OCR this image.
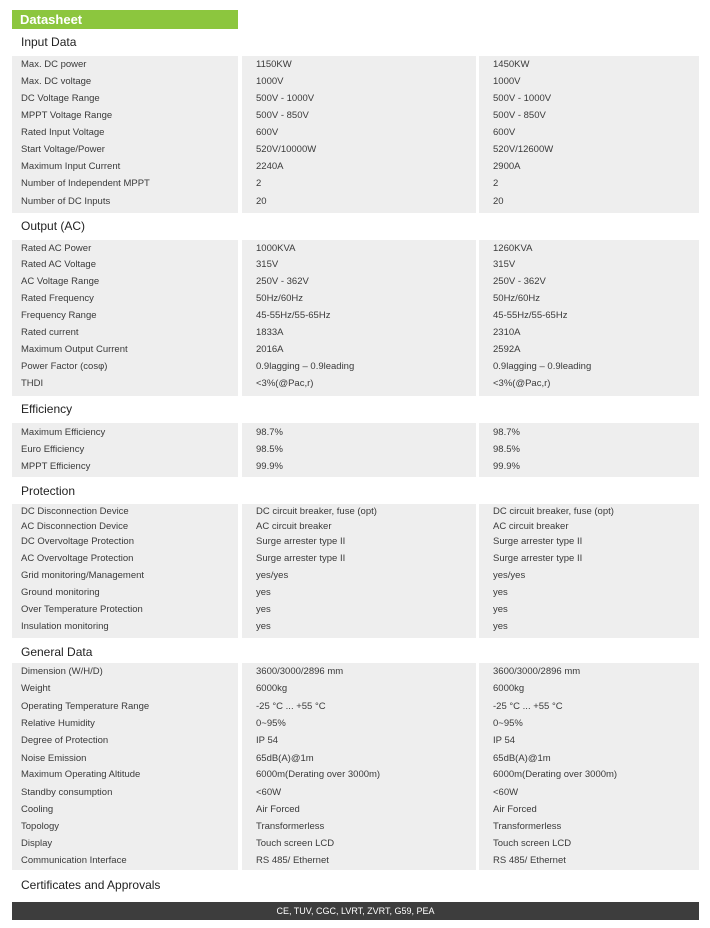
Datasheet
Input Data
Max. DC power	1150KW	1450KW
Max. DC voltage	1000V	1000V
DC Voltage Range	500V - 1000V	500V - 1000V
MPPT Voltage Range	500V - 850V	500V - 850V
Rated Input Voltage	600V	600V
Start Voltage/Power	520V/10000W	520V/12600W
Maximum Input Current	2240A	2900A
Number of Independent MPPT	2	2
Number of DC Inputs	20	20
Output (AC)
Rated AC Power	1000KVA	1260KVA
Rated AC Voltage	315V	315V
AC Voltage Range	250V - 362V	250V - 362V
Rated Frequency	50Hz/60Hz	50Hz/60Hz
Frequency Range	45-55Hz/55-65Hz	45-55Hz/55-65Hz
Rated current	1833A	2310A
Maximum Output Current	2016A	2592A
Power Factor (cosφ)	0.9lagging – 0.9leading	0.9lagging – 0.9leading
THDI	<3%(@Pac,r)	<3%(@Pac,r)
Efficiency
Maximum Efficiency	98.7%	98.7%
Euro Efficiency	98.5%	98.5%
MPPT Efficiency	99.9%	99.9%
Protection
DC Disconnection Device	DC circuit breaker, fuse (opt)	DC circuit breaker, fuse (opt)
AC Disconnection Device	AC circuit breaker	AC circuit breaker
DC Overvoltage Protection	Surge arrester type II	Surge arrester type II
AC Overvoltage Protection	Surge arrester type II	Surge arrester type II
Grid monitoring/Management	yes/yes	yes/yes
Ground monitoring	yes	yes
Over Temperature Protection	yes	yes
Insulation monitoring	yes	yes
General Data
Dimension (W/H/D)	3600/3000/2896 mm	3600/3000/2896 mm
Weight	6000kg	6000kg
Operating Temperature Range	-25 °C ... +55 °C	-25 °C ... +55 °C
Relative Humidity	0~95%	0~95%
Degree of Protection	IP 54	IP 54
Noise Emission	65dB(A)@1m	65dB(A)@1m
Maximum Operating Altitude	6000m(Derating over 3000m)	6000m(Derating over 3000m)
Standby consumption	<60W	<60W
Cooling	Air Forced	Air Forced
Topology	Transformerless	Transformerless
Display	Touch screen LCD	Touch screen LCD
Communication Interface	RS 485/ Ethernet	RS 485/ Ethernet
Certificates and Approvals
CE, TUV, CGC, LVRT, ZVRT, G59, PEA
